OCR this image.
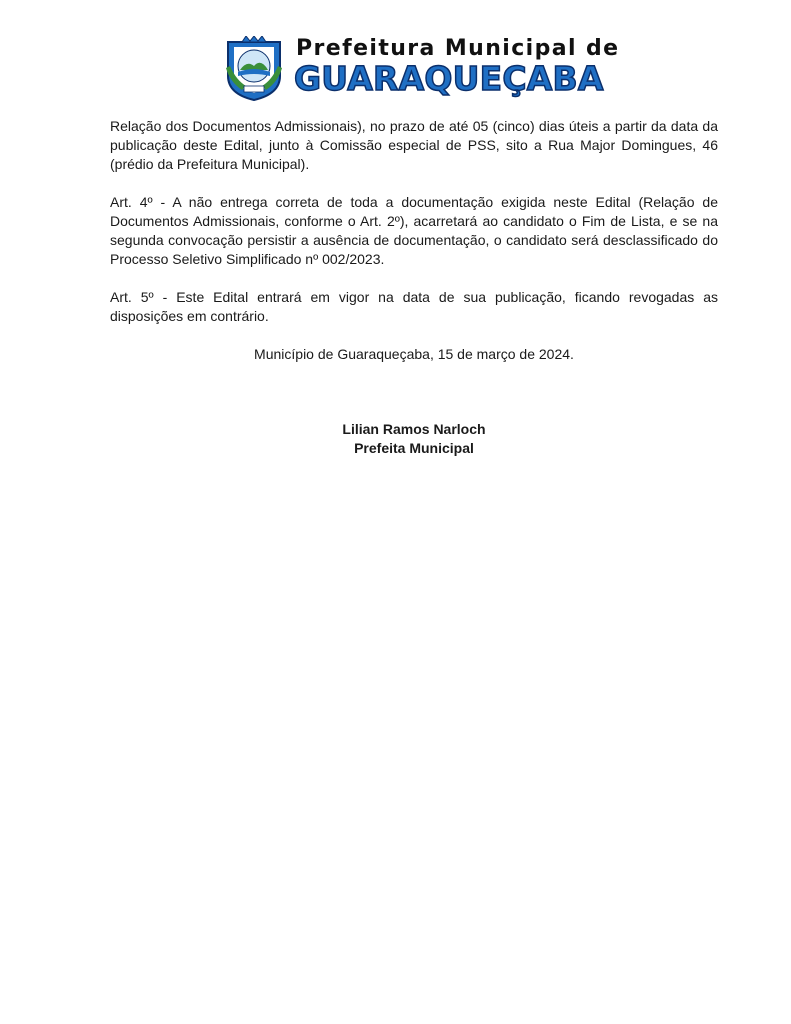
Prefeitura Municipal de
GUARAQUEÇABA

Relação dos Documentos Admissionais), no prazo de até 05 (cinco) dias úteis a partir da data da publicação deste Edital, junto à Comissão especial de PSS, sito a Rua Major Domingues, 46 (prédio da Prefeitura Municipal).

Art. 4º - A não entrega correta de toda a documentação exigida neste Edital (Relação de Documentos Admissionais, conforme o Art. 2º), acarretará ao candidato o Fim de Lista, e se na segunda convocação persistir a ausência de documentação, o candidato será desclassificado do Processo Seletivo Simplificado nº 002/2023.

Art. 5º - Este Edital entrará em vigor na data de sua publicação, ficando revogadas as disposições em contrário.

Município de Guaraqueçaba, 15 de março de 2024.

Lilian Ramos Narloch
Prefeita Municipal
